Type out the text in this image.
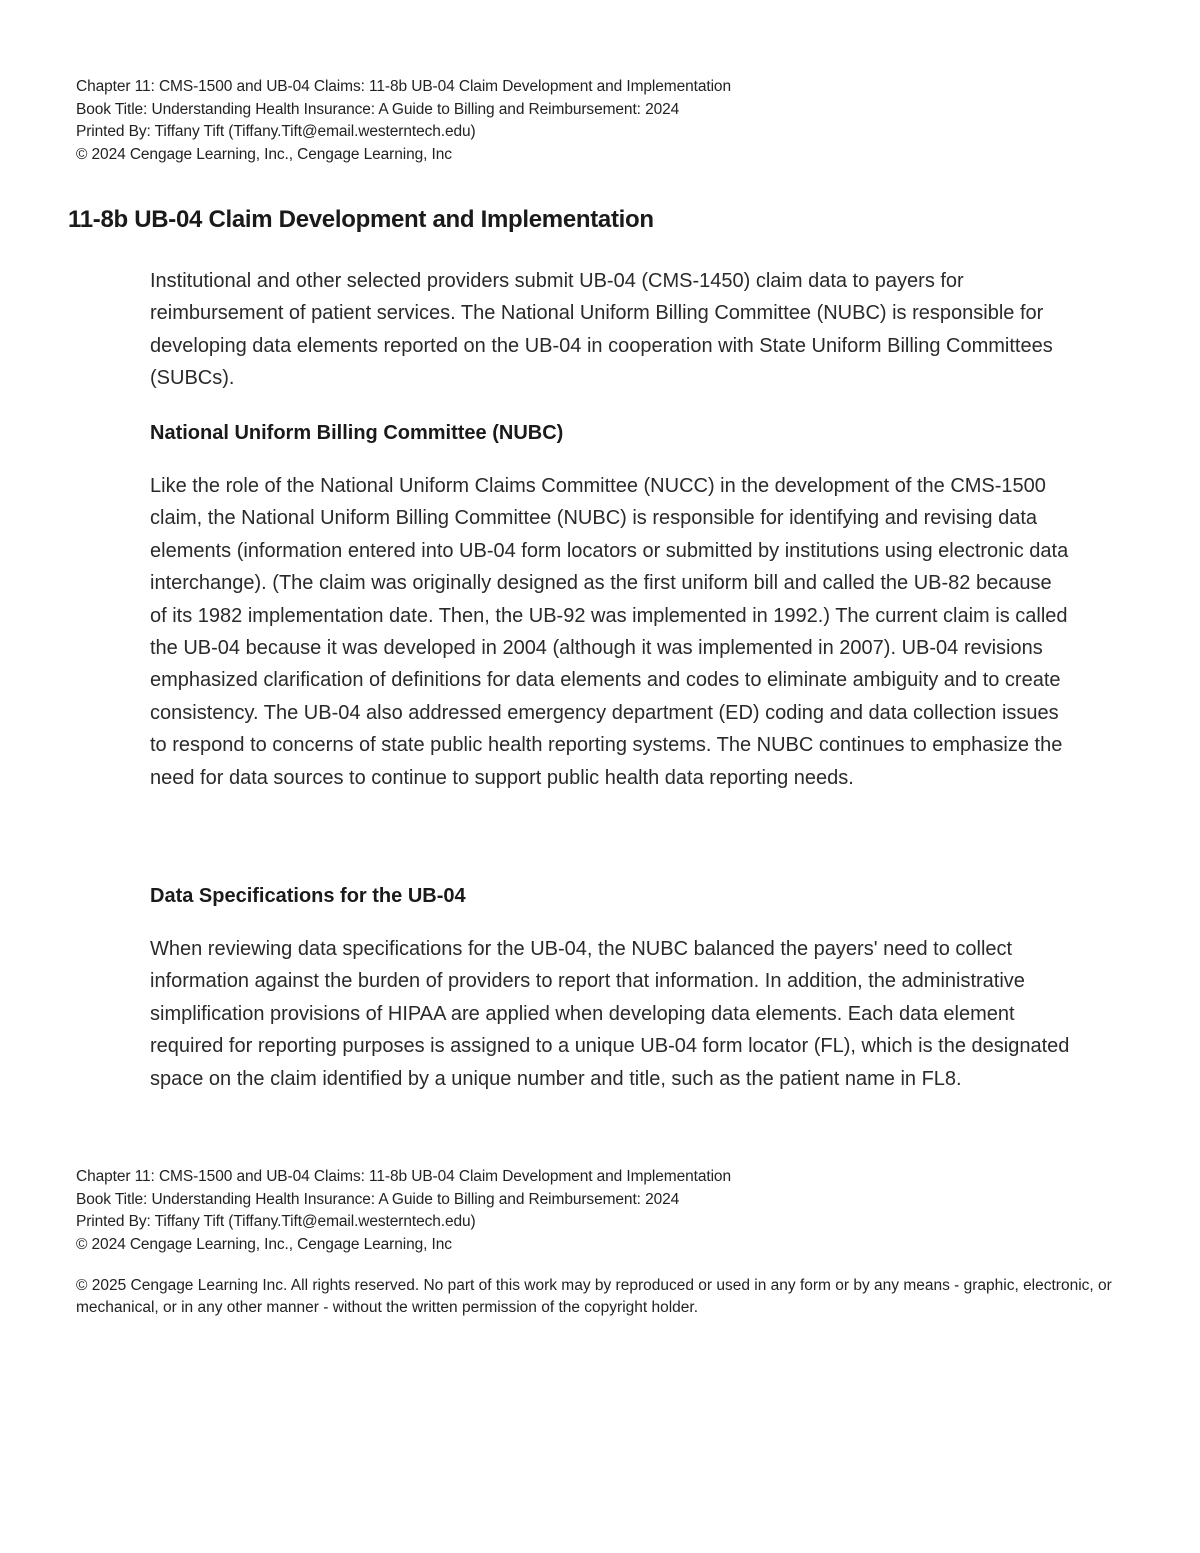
Chapter 11: CMS-1500 and UB-04 Claims: 11-8b UB-04 Claim Development and Implementation
Book Title: Understanding Health Insurance: A Guide to Billing and Reimbursement: 2024
Printed By: Tiffany Tift (Tiffany.Tift@email.westerntech.edu)
© 2024 Cengage Learning, Inc., Cengage Learning, Inc
11-8b UB-04 Claim Development and Implementation

Institutional and other selected providers submit UB-04 (CMS-1450) claim data to payers for reimbursement of patient services. The National Uniform Billing Committee (NUBC) is responsible for developing data elements reported on the UB-04 in cooperation with State Uniform Billing Committees (SUBCs).

National Uniform Billing Committee (NUBC)

Like the role of the National Uniform Claims Committee (NUCC) in the development of the CMS-1500 claim, the National Uniform Billing Committee (NUBC) is responsible for identifying and revising data elements (information entered into UB-04 form locators or submitted by institutions using electronic data interchange). (The claim was originally designed as the first uniform bill and called the UB-82 because of its 1982 implementation date. Then, the UB-92 was implemented in 1992.) The current claim is called the UB-04 because it was developed in 2004 (although it was implemented in 2007). UB-04 revisions emphasized clarification of definitions for data elements and codes to eliminate ambiguity and to create consistency. The UB-04 also addressed emergency department (ED) coding and data collection issues to respond to concerns of state public health reporting systems. The NUBC continues to emphasize the need for data sources to continue to support public health data reporting needs.

Data Specifications for the UB-04

When reviewing data specifications for the UB-04, the NUBC balanced the payers' need to collect information against the burden of providers to report that information. In addition, the administrative simplification provisions of HIPAA are applied when developing data elements. Each data element required for reporting purposes is assigned to a unique UB-04 form locator (FL), which is the designated space on the claim identified by a unique number and title, such as the patient name in FL8.

Chapter 11: CMS-1500 and UB-04 Claims: 11-8b UB-04 Claim Development and Implementation
Book Title: Understanding Health Insurance: A Guide to Billing and Reimbursement: 2024
Printed By: Tiffany Tift (Tiffany.Tift@email.westerntech.edu)
© 2024 Cengage Learning, Inc., Cengage Learning, Inc

© 2025 Cengage Learning Inc. All rights reserved. No part of this work may by reproduced or used in any form or by any means - graphic, electronic, or mechanical, or in any other manner - without the written permission of the copyright holder.
